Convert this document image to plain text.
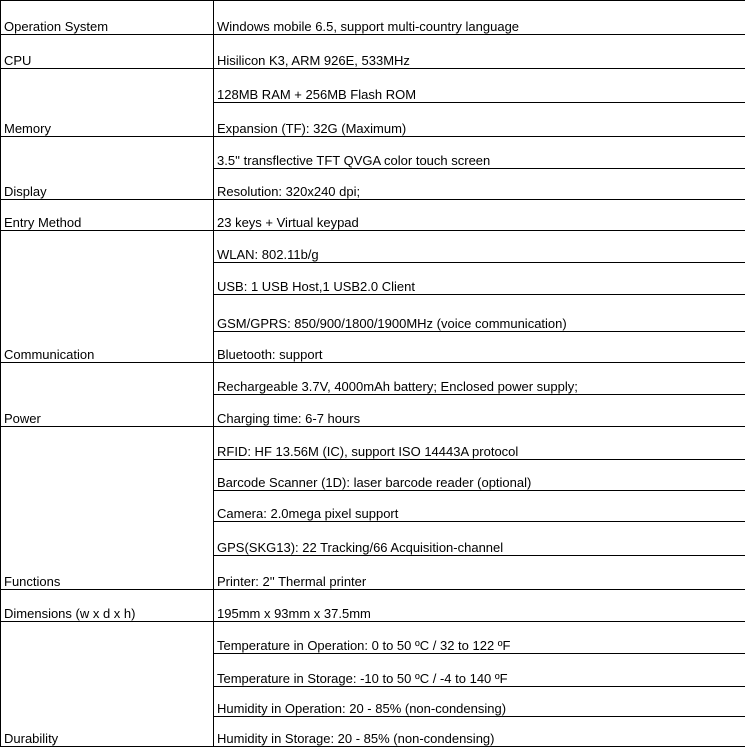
Operation System	Windows mobile 6.5, support multi-country language
CPU	Hisilicon K3, ARM 926E, 533MHz
Memory	128MB RAM + 256MB Flash ROM
	Expansion (TF): 32G (Maximum)
Display	3.5'' transflective TFT QVGA color touch screen
	Resolution: 320x240 dpi;
Entry Method	23 keys + Virtual keypad
Communication	WLAN: 802.11b/g
	USB: 1 USB Host,1 USB2.0 Client
	GSM/GPRS: 850/900/1800/1900MHz (voice communication)
	Bluetooth: support
Power	Rechargeable 3.7V, 4000mAh battery; Enclosed power supply;
	Charging time: 6-7 hours
Functions	RFID: HF 13.56M (IC), support ISO 14443A protocol
	Barcode Scanner (1D): laser barcode reader (optional)
	Camera: 2.0mega pixel support
	GPS(SKG13): 22 Tracking/66 Acquisition-channel
	Printer: 2'' Thermal printer
Dimensions (w x d x h)	195mm x 93mm x 37.5mm
Durability	Temperature in Operation: 0 to 50 ºC / 32 to 122 ºF
	Temperature in Storage: -10 to 50 ºC / -4 to 140 ºF
	Humidity in Operation: 20 - 85% (non-condensing)
	Humidity in Storage: 20 - 85% (non-condensing)
